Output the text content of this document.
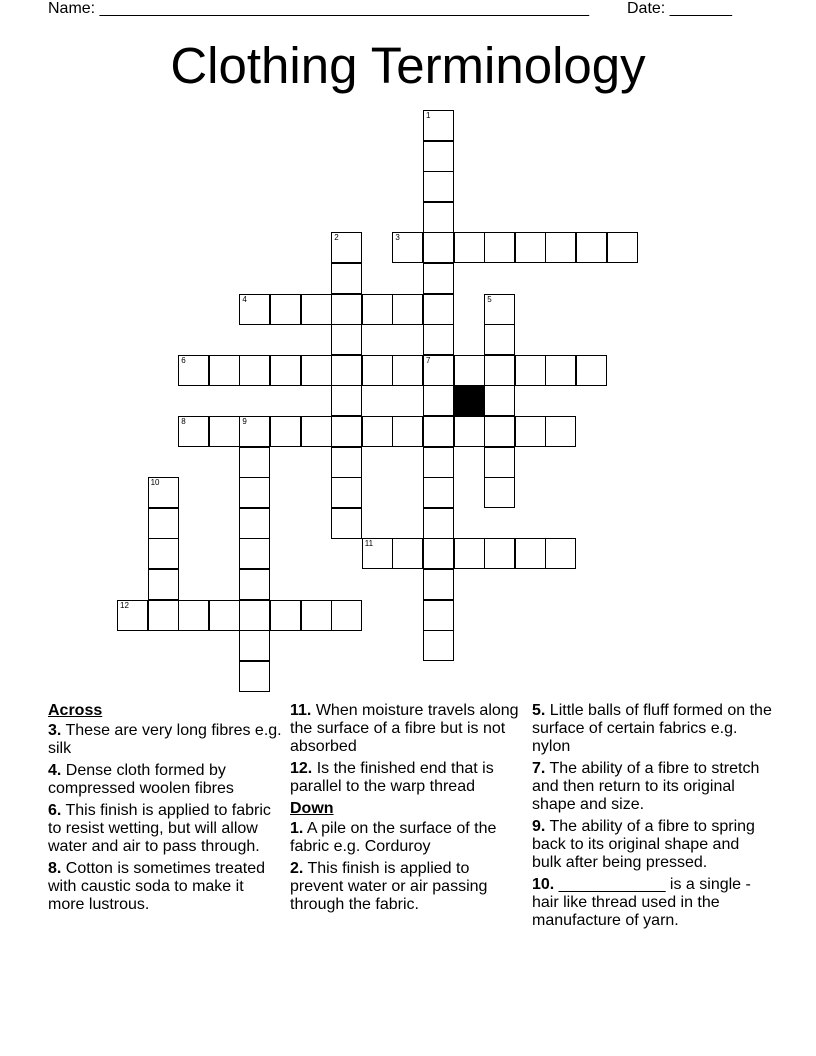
Name: _______________________________________________________ Date: _______
Clothing Terminology
1
7
2	3
4	5
6
8	9
10
11
12
Across
3. These are very long fibres e.g. silk
4. Dense cloth formed by compressed woolen fibres
6. This finish is applied to fabric to resist wetting, but will allow water and air to pass through.
8. Cotton is sometimes treated with caustic soda to make it more lustrous.
11. When moisture travels along the surface of a fibre but is not absorbed
12. Is the finished end that is parallel to the warp thread
Down
1. A pile on the surface of the fabric e.g. Corduroy
2. This finish is applied to prevent water or air passing through the fabric.
5. Little balls of fluff formed on the surface of certain fabrics e.g. nylon
7. The ability of a fibre to stretch and then return to its original shape and size.
9. The ability of a fibre to spring back to its original shape and bulk after being pressed.
10. ____________ is a single - hair like thread used in the manufacture of yarn.
